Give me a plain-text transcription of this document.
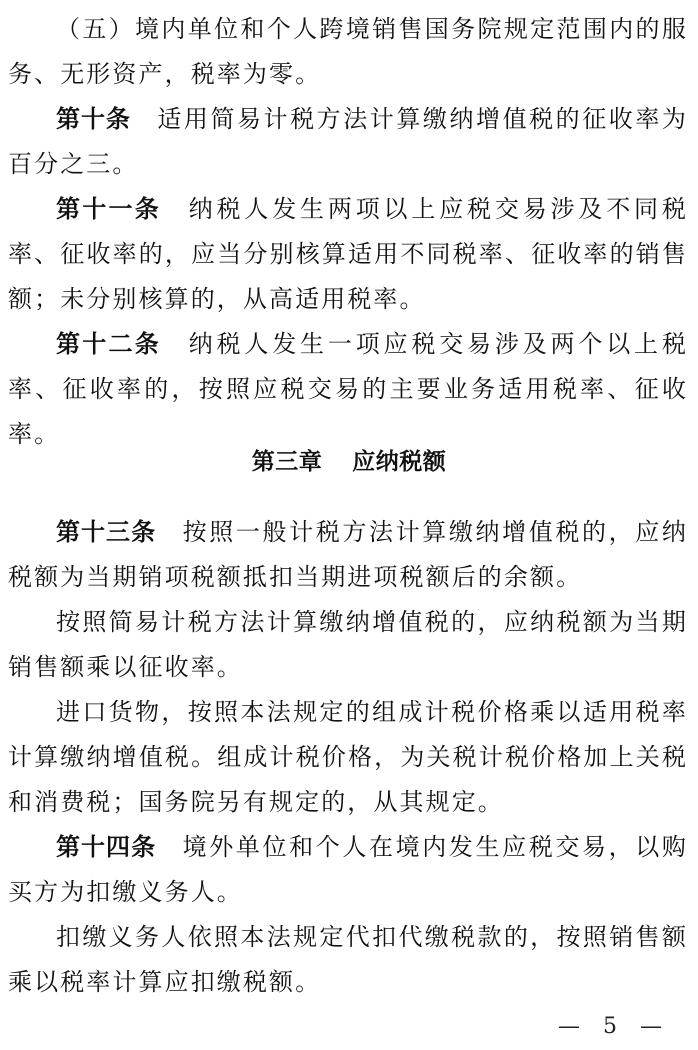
（五）境内单位和个人跨境销售国务院规定范围内的服务、无形资产，税率为零。

第十条 适用简易计税方法计算缴纳增值税的征收率为百分之三。

第十一条 纳税人发生两项以上应税交易涉及不同税率、征收率的，应当分别核算适用不同税率、征收率的销售额；未分别核算的，从高适用税率。

第十二条 纳税人发生一项应税交易涉及两个以上税率、征收率的，按照应税交易的主要业务适用税率、征收率。

第三章 应纳税额

第十三条 按照一般计税方法计算缴纳增值税的，应纳税额为当期销项税额抵扣当期进项税额后的余额。

按照简易计税方法计算缴纳增值税的，应纳税额为当期销售额乘以征收率。

进口货物，按照本法规定的组成计税价格乘以适用税率计算缴纳增值税。组成计税价格，为关税计税价格加上关税和消费税；国务院另有规定的，从其规定。

第十四条 境外单位和个人在境内发生应税交易，以购买方为扣缴义务人。

扣缴义务人依照本法规定代扣代缴税款的，按照销售额乘以税率计算应扣缴税额。

— 5 —
